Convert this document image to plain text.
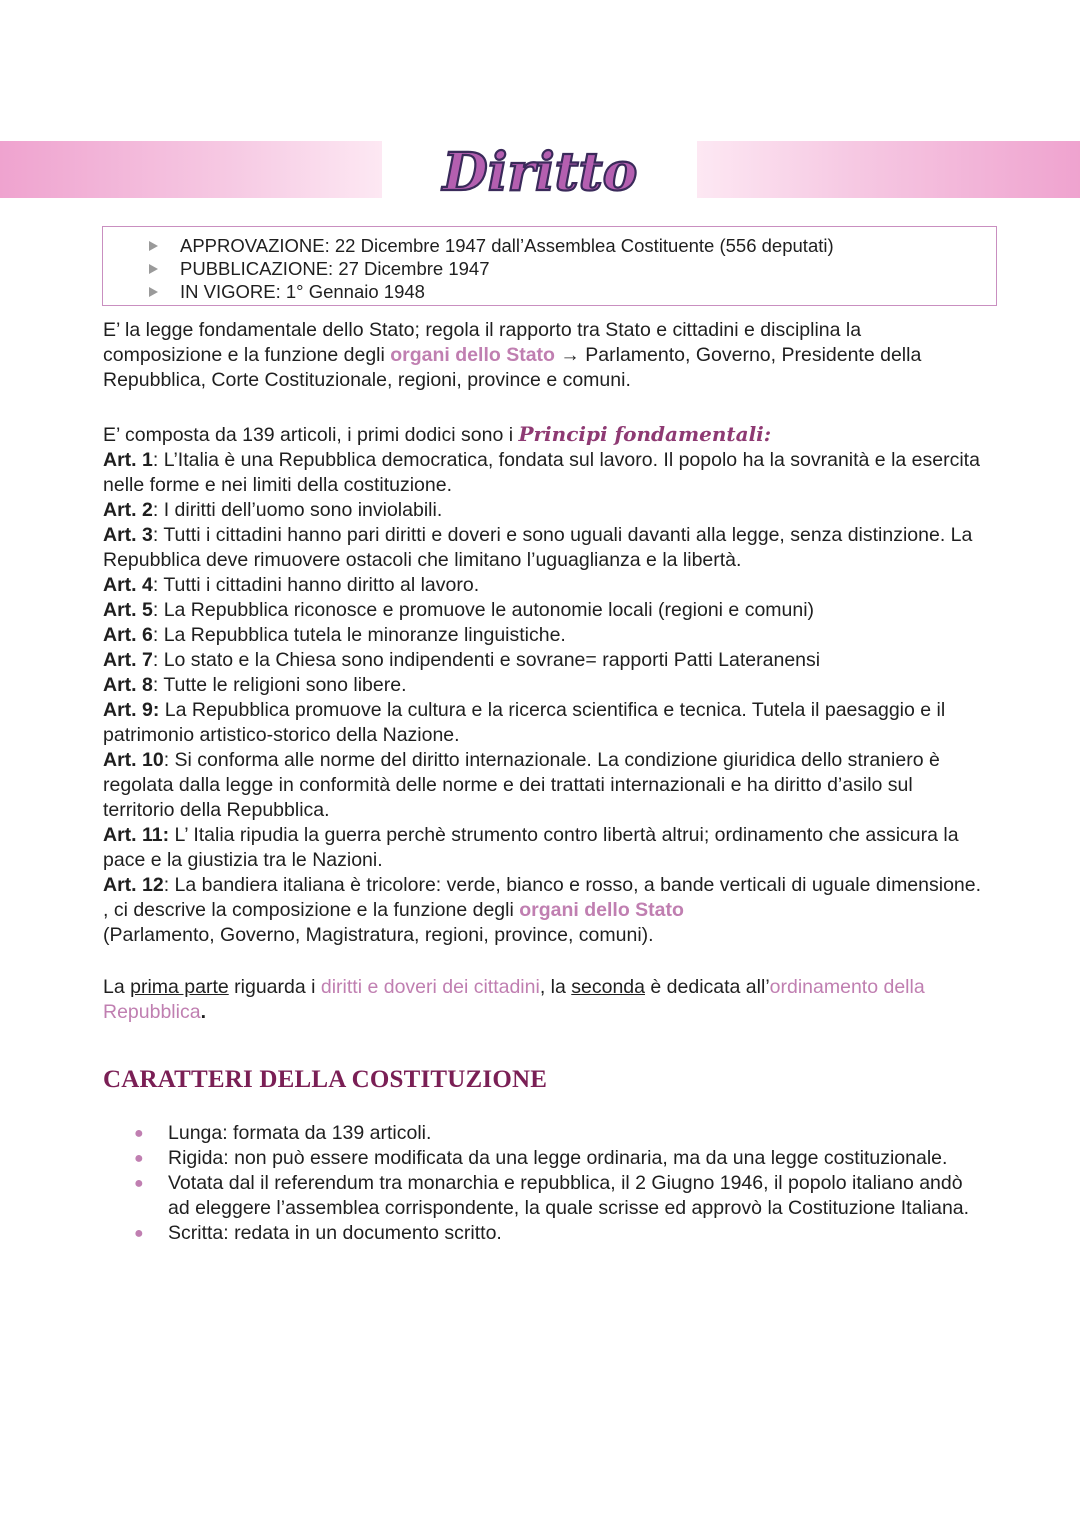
Diritto
APPROVAZIONE: 22 Dicembre 1947 dall’Assemblea Costituente (556 deputati)
PUBBLICAZIONE: 27 Dicembre 1947
IN VIGORE: 1° Gennaio 1948

E’ la legge fondamentale dello Stato; regola il rapporto tra Stato e cittadini e disciplina la composizione e la funzione degli organi dello Stato → Parlamento, Governo, Presidente della Repubblica, Corte Costituzionale, regioni, province e comuni.

E’ composta da 139 articoli, i primi dodici sono i Principi fondamentali:

Art. 1: L’Italia è una Repubblica democratica, fondata sul lavoro. Il popolo ha la sovranità e la esercita nelle forme e nei limiti della costituzione.

Art. 2: I diritti dell’uomo sono inviolabili.

Art. 3: Tutti i cittadini hanno pari diritti e doveri e sono uguali davanti alla legge, senza distinzione. La Repubblica deve rimuovere ostacoli che limitano l’uguaglianza e la libertà.

Art. 4: Tutti i cittadini hanno diritto al lavoro.

Art. 5: La Repubblica riconosce e promuove le autonomie locali (regioni e comuni)

Art. 6: La Repubblica tutela le minoranze linguistiche.

Art. 7: Lo stato e la Chiesa sono indipendenti e sovrane= rapporti Patti Lateranensi

Art. 8: Tutte le religioni sono libere.

Art. 9: La Repubblica promuove la cultura e la ricerca scientifica e tecnica. Tutela il paesaggio e il patrimonio artistico-storico della Nazione.

Art. 10: Si conforma alle norme del diritto internazionale. La condizione giuridica dello straniero è regolata dalla legge in conformità delle norme e dei trattati internazionali e ha diritto d’asilo sul territorio della Repubblica.

Art. 11: L’ Italia ripudia la guerra perchè strumento contro libertà altrui; ordinamento che assicura la pace e la giustizia tra le Nazioni.

Art. 12: La bandiera italiana è tricolore: verde, bianco e rosso, a bande verticali di uguale dimensione. , ci descrive la composizione e la funzione degli organi dello Stato
(Parlamento, Governo, Magistratura, regioni, province, comuni).

La prima parte riguarda i diritti e doveri dei cittadini, la seconda è dedicata all’ordinamento della Repubblica.

CARATTERI DELLA COSTITUZIONE
●	Lunga: formata da 139 articoli.
●	Rigida: non può essere modificata da una legge ordinaria, ma da una legge costituzionale.
●	Votata dal il referendum tra monarchia e repubblica, il 2 Giugno 1946, il popolo italiano andò ad eleggere l’assemblea corrispondente, la quale scrisse ed approvò la Costituzione Italiana.
●	Scritta: redata in un documento scritto.
